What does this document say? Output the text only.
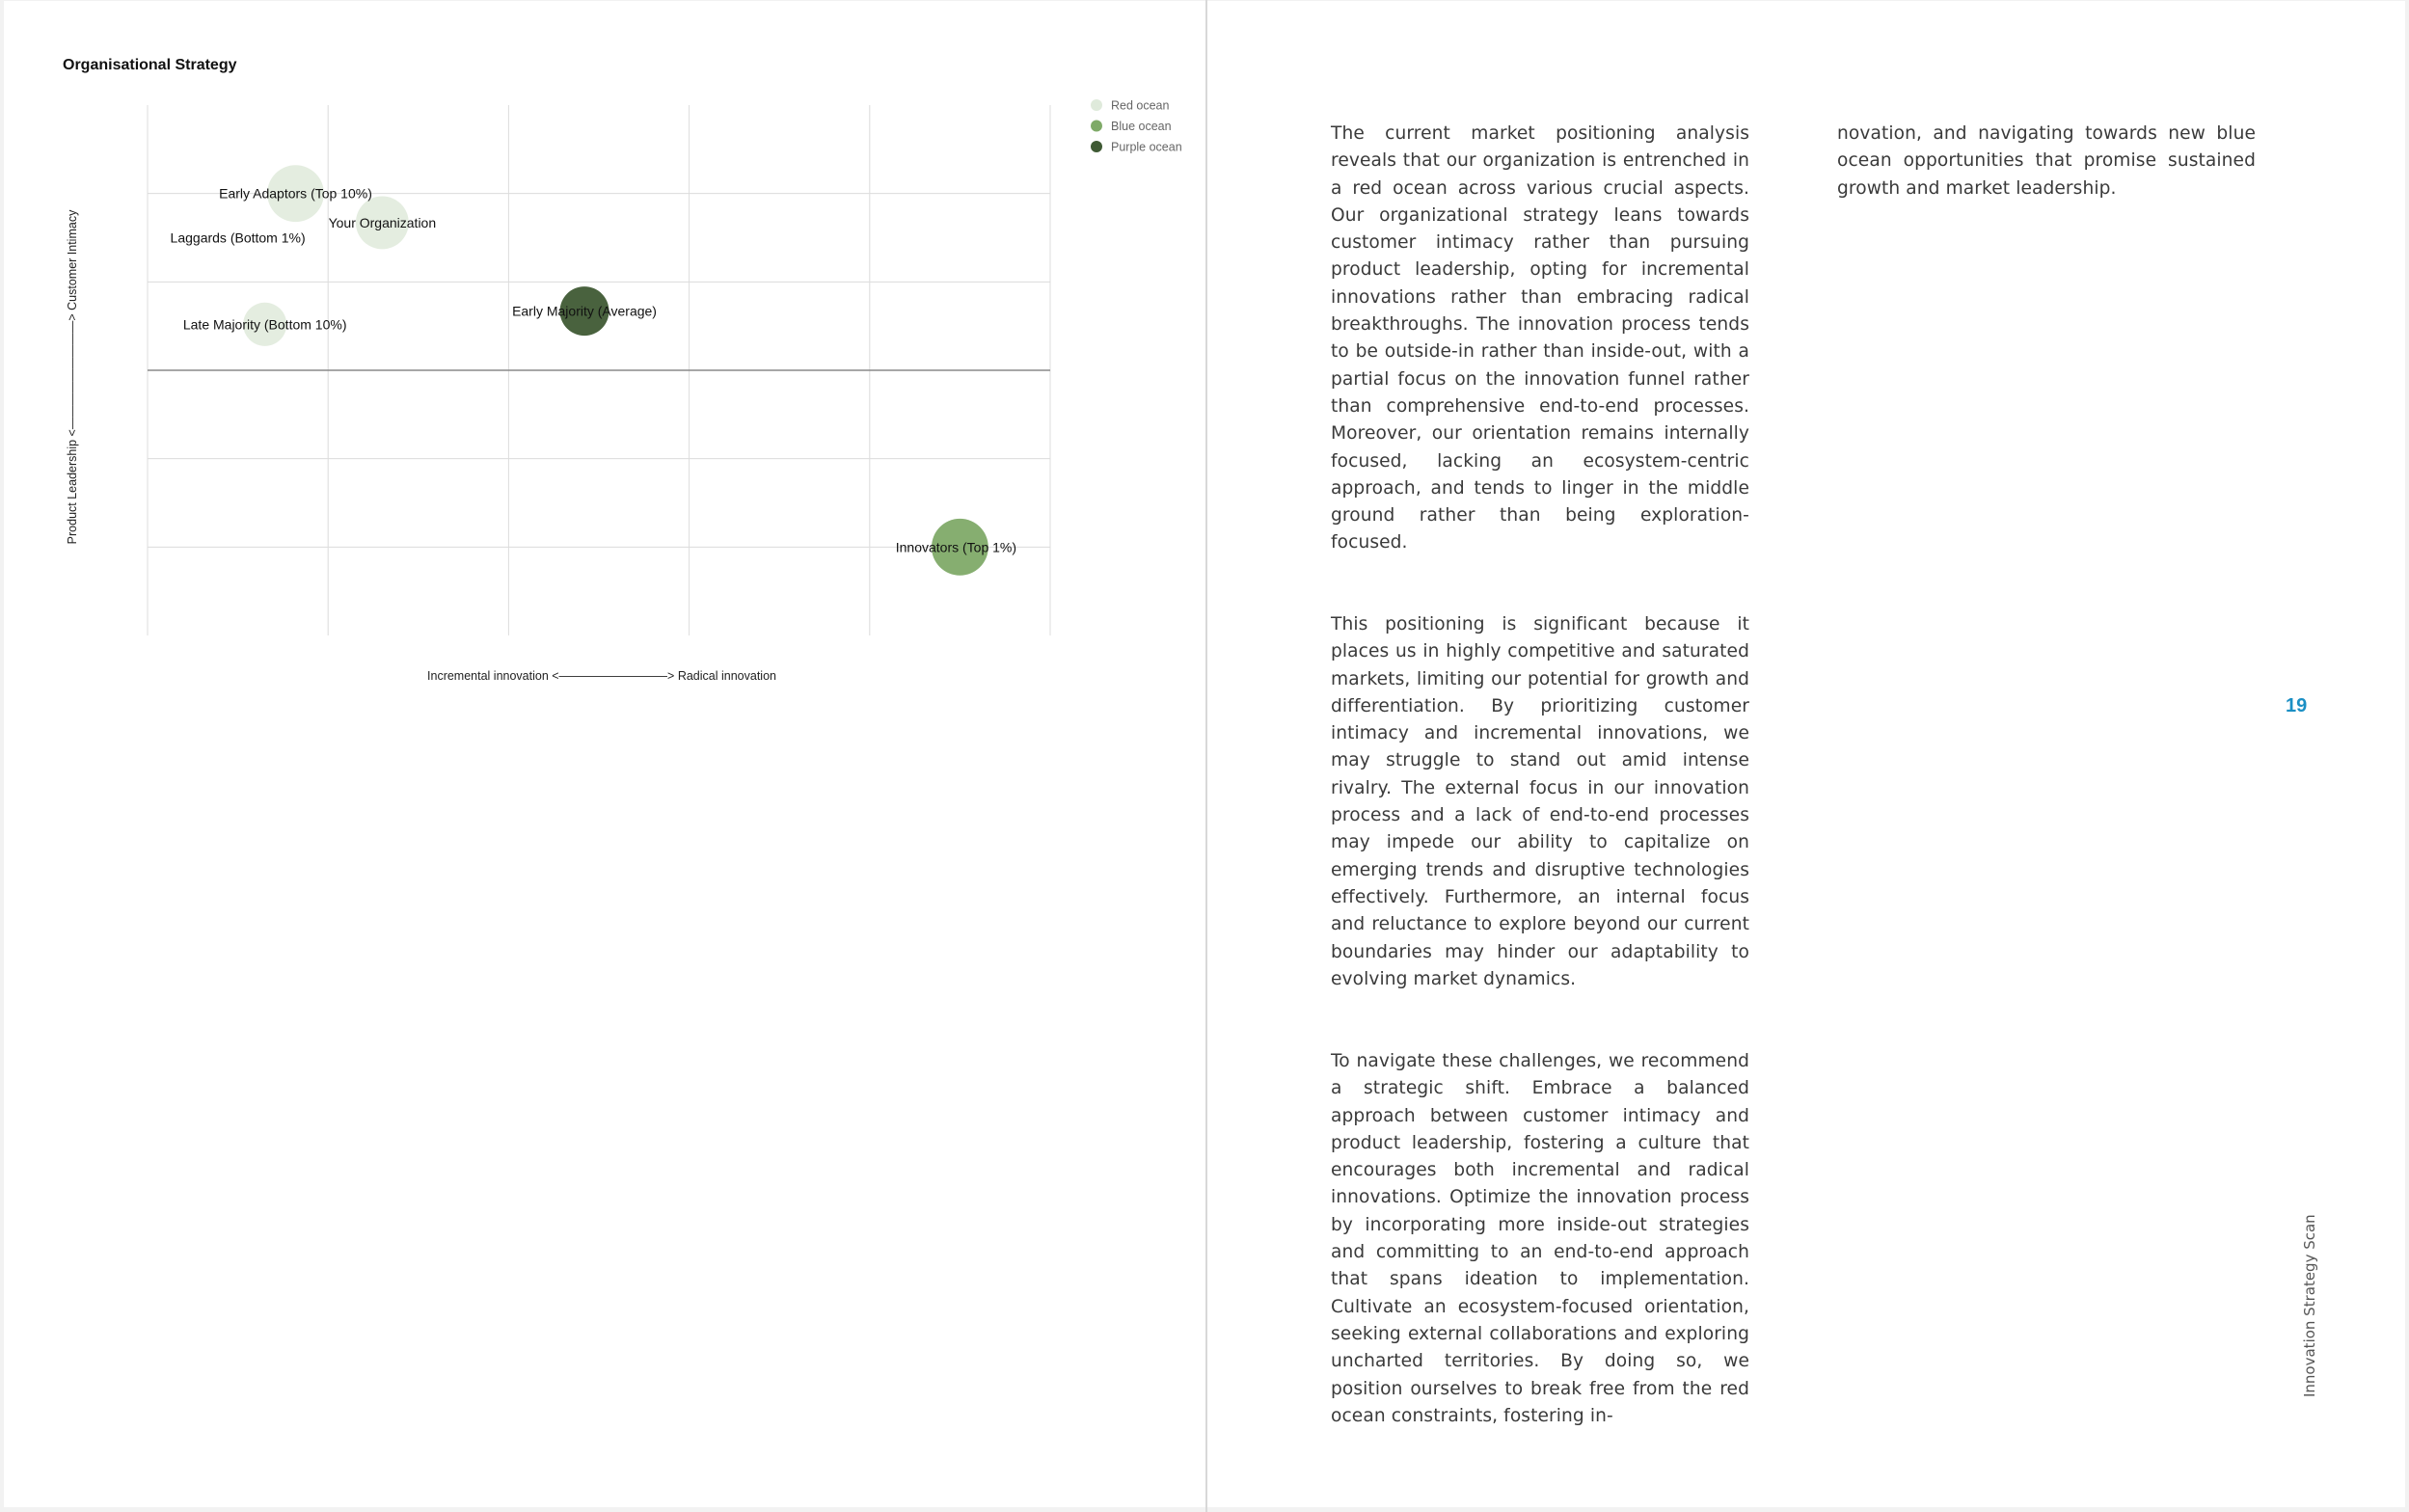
Organisational Strategy
Early Adaptors (Top 10%)
Your Organization
Laggards (Bottom 1%)
Late Majority (Bottom 10%)
Early Majority (Average)
Innovators (Top 1%)
Incremental innovation <—————————> Radical innovation
Product Leadership <—————————> Customer Intimacy
Red ocean
Blue ocean
Purple ocean

The current market positioning analysis reveals that our organization is entrenched in a red ocean across various crucial aspects. Our organizational strategy leans towards customer intimacy rather than pursuing product leadership, opting for incremental innovations rather than embracing radical breakthroughs. The innovation process tends to be outside-in rather than inside-out, with a partial focus on the innovation funnel rather than comprehensive end-to-end processes. Moreover, our orientation remains internally focused, lacking an ecosystem-centric approach, and tends to linger in the middle ground rather than being exploration-focused.

This positioning is significant because it places us in highly competitive and saturated markets, limiting our potential for growth and differentiation. By prioritizing customer intimacy and incremental innovations, we may struggle to stand out amid intense rivalry. The external focus in our innovation process and a lack of end-to-end processes may impede our ability to capitalize on emerging trends and disruptive technologies effectively. Furthermore, an internal focus and reluctance to explore beyond our current boundaries may hinder our adaptability to evolving market dynamics.

To navigate these challenges, we recommend a strategic shift. Embrace a balanced approach between customer intimacy and product leadership, fostering a culture that encourages both incremental and radical innovations. Optimize the innovation process by incorporating more inside-out strategies and committing to an end-to-end approach that spans ideation to implementation. Cultivate an ecosystem-focused orientation, seeking external collaborations and exploring uncharted territories. By doing so, we position ourselves to break free from the red ocean constraints, fostering in-

novation, and navigating towards new blue ocean opportunities that promise sustained growth and market leadership.

19
Innovation Strategy Scan
